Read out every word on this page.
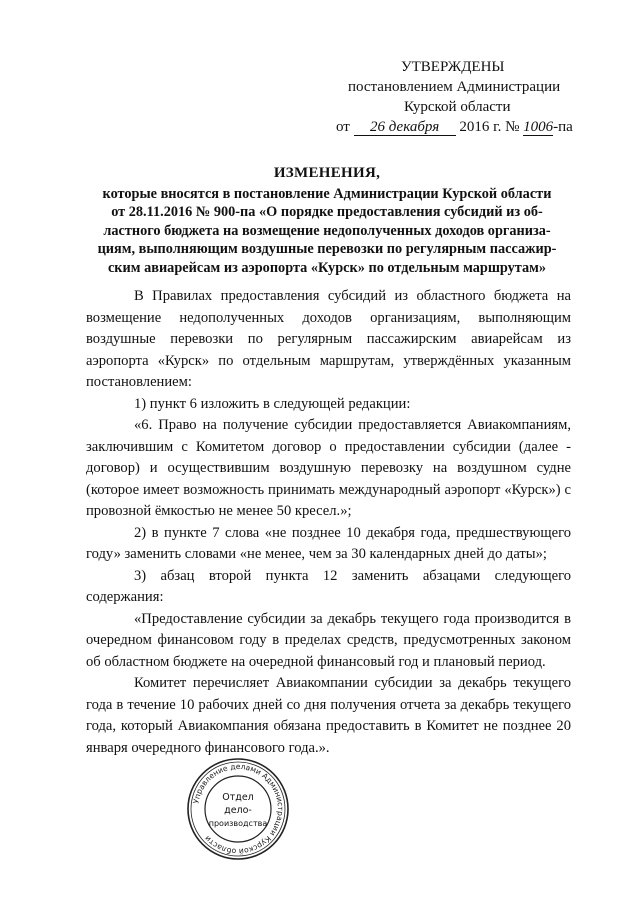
УТВЕРЖДЕНЫ
постановлением Администрации
Курской области
от 26 декабря 2016 г. № 1006-па
ИЗМЕНЕНИЯ,
которые вносятся в постановление Администрации Курской области
от 28.11.2016 № 900-па «О порядке предоставления субсидий из об-
ластного бюджета на возмещение недополученных доходов организа-
циям, выполняющим воздушные перевозки по регулярным пассажир-
ским авиарейсам из аэропорта «Курск» по отдельным маршрутам»

В Правилах предоставления субсидий из областного бюджета на возмещение недополученных доходов организациям, выполняющим воздушные перевозки по регулярным пассажирским авиарейсам из аэропорта «Курск» по отдельным маршрутам, утверждённых указанным постановлением:

1) пункт 6 изложить в следующей редакции:

«6. Право на получение субсидии предоставляется Авиакомпаниям, заключившим с Комитетом договор о предоставлении субсидии (далее - договор) и осуществившим воздушную перевозку на воздушном судне (которое имеет возможность принимать международный аэропорт «Курск») с провозной ёмкостью не менее 50 кресел.»;

2) в пункте 7 слова «не позднее 10 декабря года, предшествующего году» заменить словами «не менее, чем за 30 календарных дней до даты»;

3) абзац второй пункта 12 заменить абзацами следующего содержания:

«Предоставление субсидии за декабрь текущего года производится в очередном финансовом году в пределах средств, предусмотренных законом об областном бюджете на очередной финансовый год и плановый период.

Комитет перечисляет Авиакомпании субсидии за декабрь текущего года в течение 10 рабочих дней со дня получения отчета за декабрь текущего года, который Авиакомпания обязана предоставить в Комитет не позднее 20 января очередного финансового года.».

Управление делами Администрации Курской области
Отдел
дело-
производства
